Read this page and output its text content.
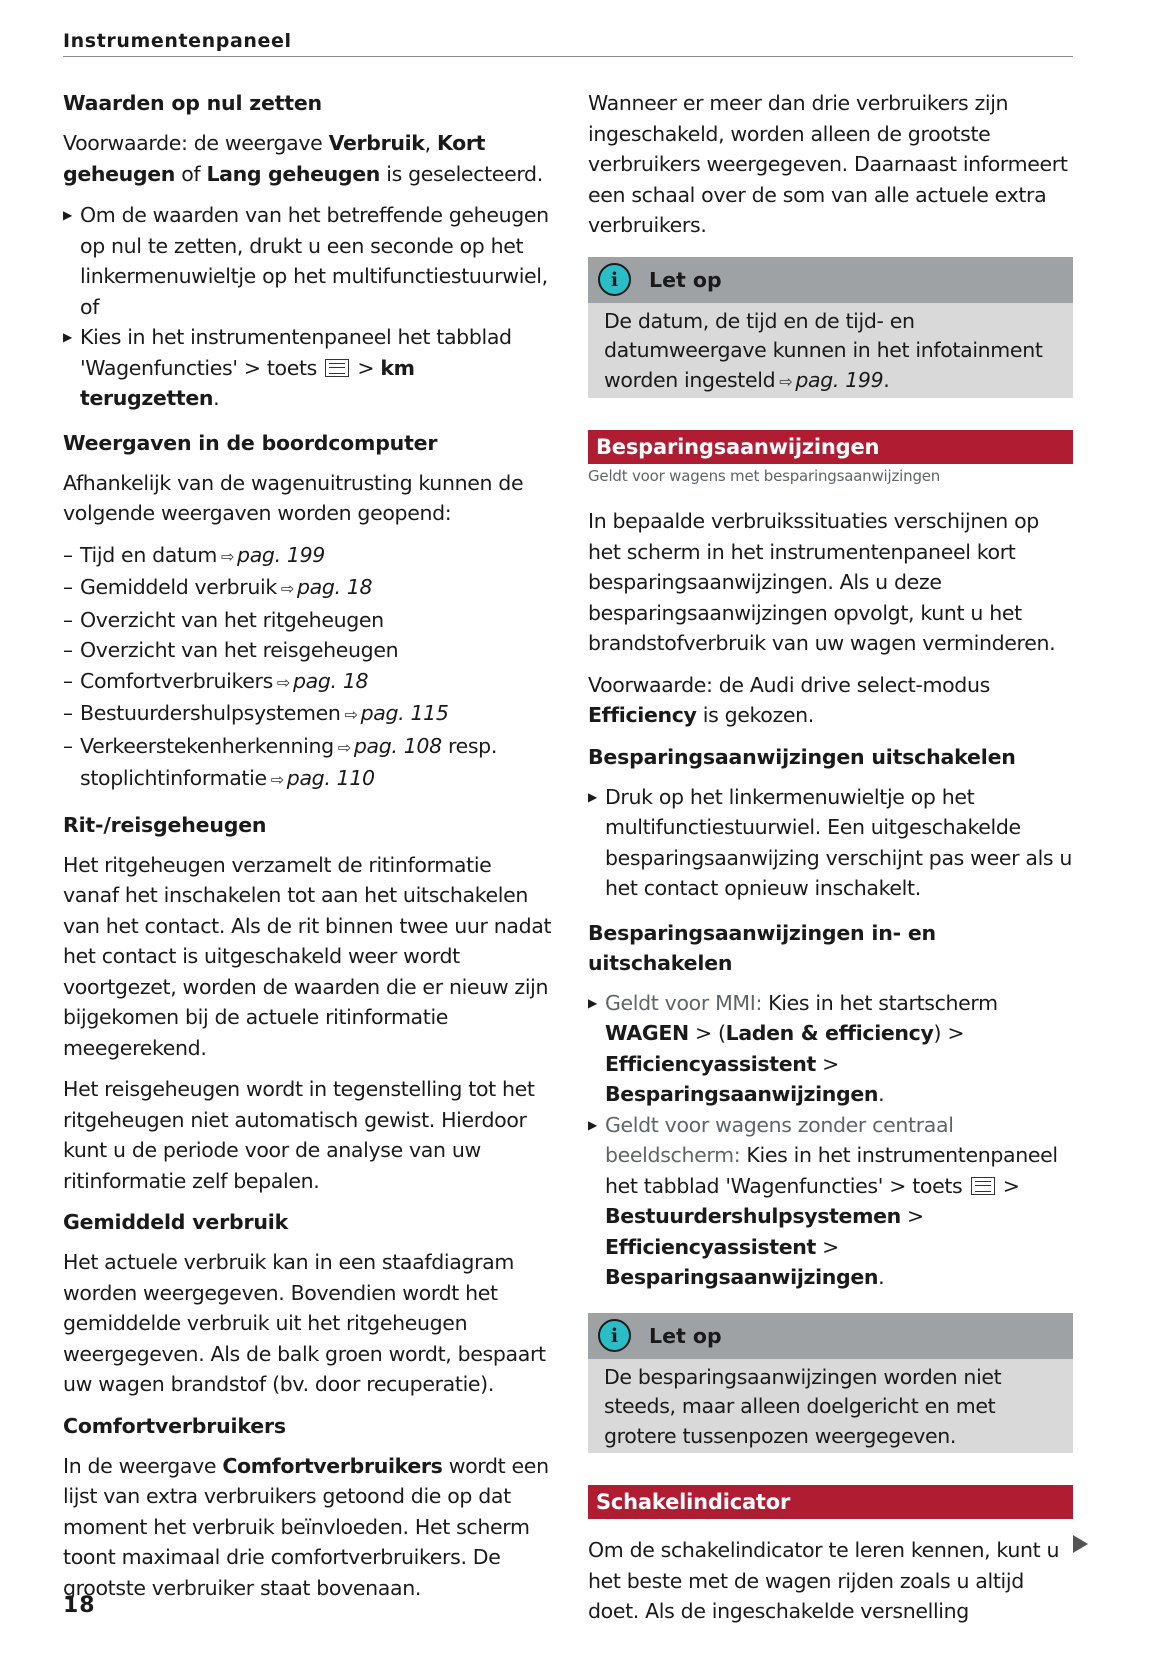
Instrumentenpaneel
Waarden op nul zetten

Voorwaarde: de weergave Verbruik, Kort geheugen of Lang geheugen is geselecteerd.

▶ Om de waarden van het betreffende geheugen op nul te zetten, drukt u een seconde op het linkermenuwieltje op het multifunctiestuurwiel, of
▶ Kies in het instrumentenpaneel het tabblad 'Wagenfuncties' > toets  > km terugzetten.
Weergaven in de boordcomputer

Afhankelijk van de wagenuitrusting kunnen de volgende weergaven worden geopend:

– Tijd en datum ⇨ pag. 199
– Gemiddeld verbruik ⇨ pag. 18
– Overzicht van het ritgeheugen
– Overzicht van het reisgeheugen
– Comfortverbruikers ⇨ pag. 18
– Bestuurdershulpsystemen ⇨ pag. 115
– Verkeerstekenherkenning ⇨ pag. 108 resp. stoplichtinformatie ⇨ pag. 110
Rit-/reisgeheugen

Het ritgeheugen verzamelt de ritinformatie vanaf het inschakelen tot aan het uitschakelen van het contact. Als de rit binnen twee uur nadat het contact is uitgeschakeld weer wordt voortgezet, worden de waarden die er nieuw zijn bijgekomen bij de actuele ritinformatie meegerekend.

Het reisgeheugen wordt in tegenstelling tot het ritgeheugen niet automatisch gewist. Hierdoor kunt u de periode voor de analyse van uw ritinformatie zelf bepalen.

Gemiddeld verbruik

Het actuele verbruik kan in een staafdiagram worden weergegeven. Bovendien wordt het gemiddelde verbruik uit het ritgeheugen weergegeven. Als de balk groen wordt, bespaart uw wagen brandstof (bv. door recuperatie).

Comfortverbruikers

In de weergave Comfortverbruikers wordt een lijst van extra verbruikers getoond die op dat moment het verbruik beïnvloeden. Het scherm toont maximaal drie comfortverbruikers. De grootste verbruiker staat bovenaan.

Wanneer er meer dan drie verbruikers zijn ingeschakeld, worden alleen de grootste verbruikers weergegeven. Daarnaast informeert een schaal over de som van alle actuele extra verbruikers.

i	Let op
De datum, de tijd en de tijd- en datumweergave kunnen in het infotainment worden ingesteld ⇨ pag. 199.
Besparingsaanwijzingen
Geldt voor wagens met besparingsaanwijzingen

In bepaalde verbruikssituaties verschijnen op het scherm in het instrumentenpaneel kort besparingsaanwijzingen. Als u deze besparingsaanwijzingen opvolgt, kunt u het brandstofverbruik van uw wagen verminderen.

Voorwaarde: de Audi drive select-modus Efficiency is gekozen.

Besparingsaanwijzingen uitschakelen
▶ Druk op het linkermenuwieltje op het multifunctiestuurwiel. Een uitgeschakelde besparingsaanwijzing verschijnt pas weer als u het contact opnieuw inschakelt.
Besparingsaanwijzingen in- en uitschakelen
▶ Geldt voor MMI: Kies in het startscherm WAGEN > (Laden & efficiency) > Efficiencyassistent > Besparingsaanwijzingen.
▶ Geldt voor wagens zonder centraal beeldscherm: Kies in het instrumentenpaneel het tabblad 'Wagenfuncties' > toets  > Bestuurdershulpsystemen > Efficiencyassistent > Besparingsaanwijzingen.
i	Let op
De besparingsaanwijzingen worden niet steeds, maar alleen doelgericht en met grotere tussenpozen weergegeven.
Schakelindicator

Om de schakelindicator te leren kennen, kunt u het beste met de wagen rijden zoals u altijd doet. Als de ingeschakelde versnelling

18
